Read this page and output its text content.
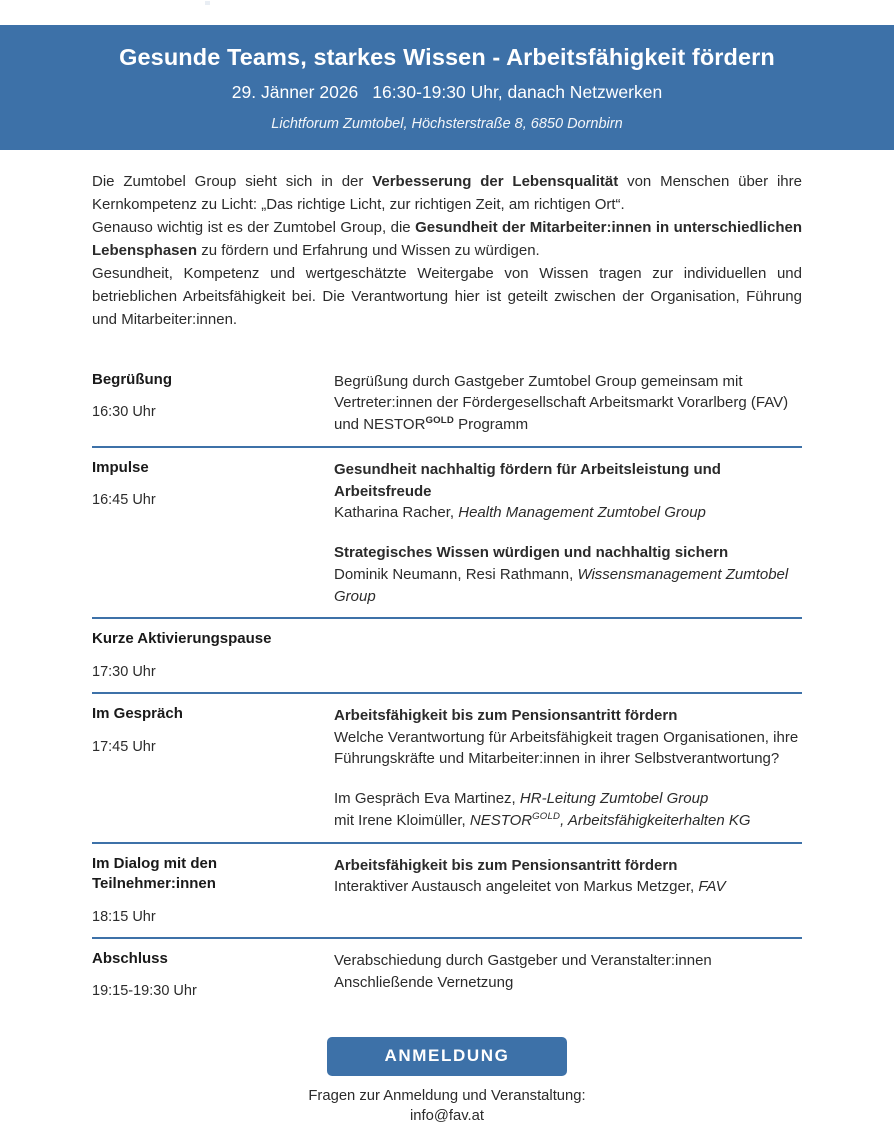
Gesunde Teams, starkes Wissen - Arbeitsfähigkeit fördern
29. Jänner 2026 16:30-19:30 Uhr, danach Netzwerken
Lichtforum Zumtobel, Höchsterstraße 8, 6850 Dornbirn
Die Zumtobel Group sieht sich in der Verbesserung der Lebensqualität von Menschen über ihre Kernkompetenz zu Licht: „Das richtige Licht, zur richtigen Zeit, am richtigen Ort“.
Genauso wichtig ist es der Zumtobel Group, die Gesundheit der Mitarbeiter:innen in unterschiedlichen Lebensphasen zu fördern und Erfahrung und Wissen zu würdigen.
Gesundheit, Kompetenz und wertgeschätzte Weitergabe von Wissen tragen zur individuellen und betrieblichen Arbeitsfähigkeit bei. Die Verantwortung hier ist geteilt zwischen der Organisation, Führung und Mitarbeiter:innen.
Begrüßung
16:30 Uhr
Begrüßung durch Gastgeber Zumtobel Group gemeinsam mit Vertreter:innen der Fördergesellschaft Arbeitsmarkt Vorarlberg (FAV) und $NESTOR^{GOLD}$ Programm
Impulse
16:45 Uhr
Gesundheit nachhaltig fördern für Arbeitsleistung und Arbeitsfreude
Katharina Racher, Health Management Zumtobel Group
Strategisches Wissen würdigen und nachhaltig sichern
Dominik Neumann, Resi Rathmann, Wissensmanagement Zumtobel Group
Kurze Aktivierungspause
17:30 Uhr
Im Gespräch
17:45 Uhr
Arbeitsfähigkeit bis zum Pensionsantritt fördern
Welche Verantwortung für Arbeitsfähigkeit tragen Organisationen, ihre Führungskräfte und Mitarbeiter:innen in ihrer Selbstverantwortung?
Im Gespräch Eva Martinez, HR-Leitung Zumtobel Group
mit Irene Kloimüller, $NESTOR^{GOLD}$, Arbeitsfähigkeiterhalten KG
Im Dialog mit den Teilnehmer:innen
18:15 Uhr
Arbeitsfähigkeit bis zum Pensionsantritt fördern
Interaktiver Austausch angeleitet von Markus Metzger, FAV
Abschluss
19:15-19:30 Uhr
Verabschiedung durch Gastgeber und Veranstalter:innen
Anschließende Vernetzung
ANMELDUNG
Fragen zur Anmeldung und Veranstaltung:
info@fav.at
